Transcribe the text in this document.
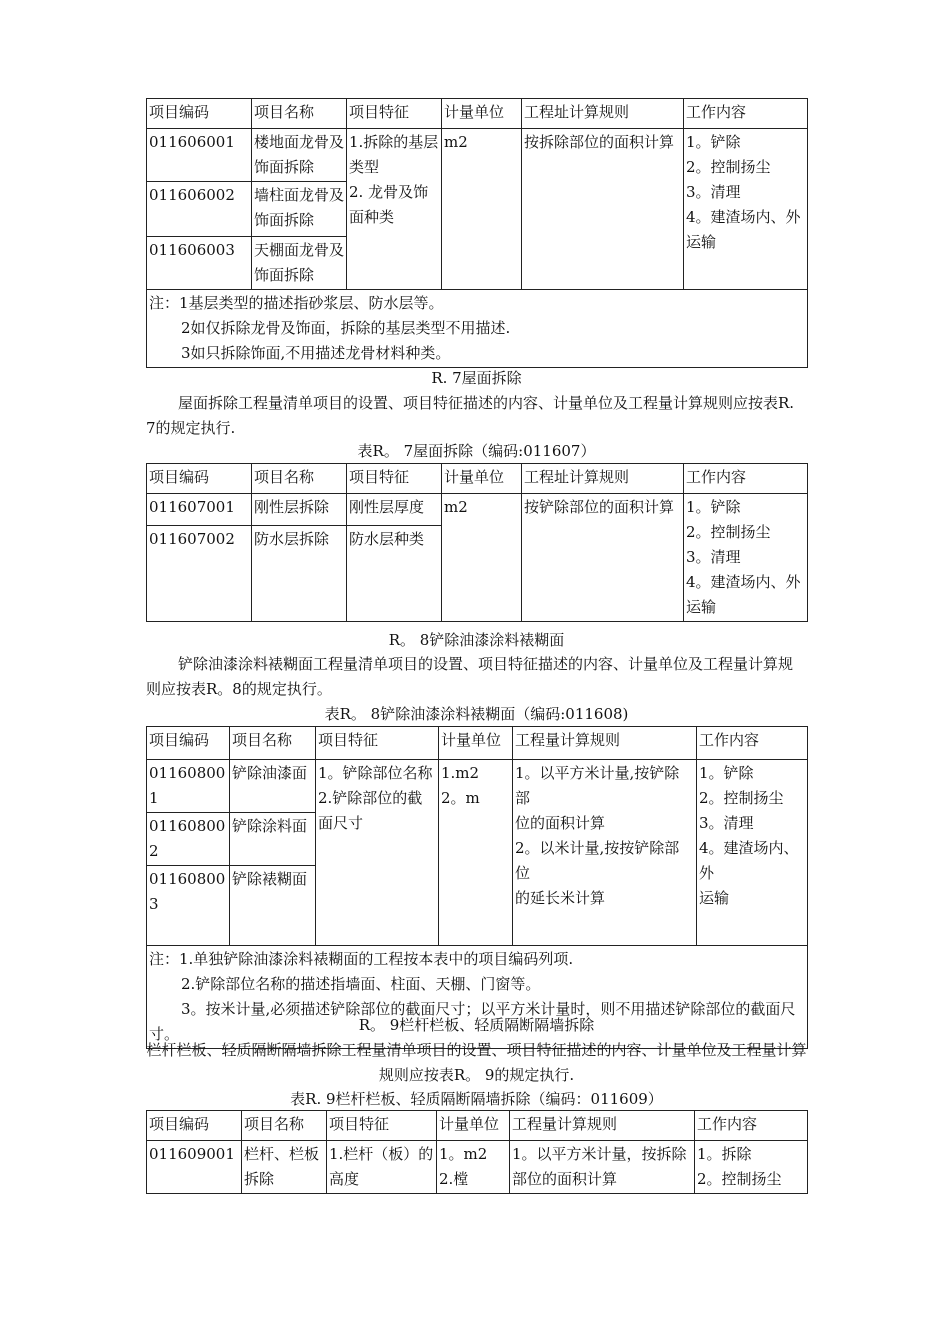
项目编码	项目名称	项目特征	计量单位	工程址计算规则	工作内容
011606001	楼地面龙骨及饰面拆除	1.拆除的基层类型
2. 龙骨及饰面种类	m2	按拆除部位的面积计算	1。铲除
2。控制扬尘
3。清理
4。建渣场内、外运输
011606002	墙柱面龙骨及饰面拆除				
011606003	天棚面龙骨及饰面拆除				

注：1基层类型的描述指砂浆层、防水层等。
2如仅拆除龙骨及饰面，拆除的基层类型不用描述.
3如只拆除饰面,不用描述龙骨材料种类。					
R. 7屋面拆除
屋面拆除工程量清单项目的设置、项目特征描述的内容、计量单位及工程量计算规则应按表R. 7的规定执行.
表R。 7屋面拆除（编码:011607）
项目编码	项目名称	项目特征	计量单位	工程址计算规则	工作内容
011607001	刚性层拆除	刚性层厚度	m2	按铲除部位的面积计算	1。铲除
2。控制扬尘
3。清理
4。建渣场内、外运输
011607002	防水层拆除	防水层种类			
R。 8铲除油漆涂料裱糊面
铲除油漆涂料裱糊面工程量清单项目的设置、项目特征描述的内容、计量单位及工程量计算规则应按表R。8的规定执行。
表R。 8铲除油漆涂料裱糊面（编码:011608)
项目编码	项目名称	项目特征	计量单位	工程量计算规则	工作内容
011608001	铲除油漆面	1。铲除部位名称
2.铲除部位的截面尺寸	1.m2
2。m	1。以平方米计量,按铲除部
位的面积计算
2。以米计量,按按铲除部位
的延长米计算	1。铲除
2。控制扬尘
3。清理
4。建渣场内、外
运输
011608002	铲除涂料面				
011608003	铲除裱糊面				

注：1.单独铲除油漆涂料裱糊面的工程按本表中的项目编码列项.
2.铲除部位名称的描述指墙面、柱面、天棚、门窗等。
3。按米计量,必须描述铲除部位的截面尺寸；以平方米计量时，则不用描述铲除部位的截面尺寸。						R。 9栏杆栏板、轻质隔断隔墙拆除
栏杆栏板、轻质隔断隔墙拆除工程量清单项目的设置、项目特征描述的内容、计量单位及工程量计算规则应按表R。 9的规定执行.
表R. 9栏杆栏板、轻质隔断隔墙拆除（编码：011609）
项目编码	项目名称	项目特征	计量单位	工程量计算规则	工作内容
011609001	栏杆、栏板拆除	1.栏杆（板）的高度	1。m2
2.樘	1。以平方米计量，按拆除部位的面积计算	1。拆除
2。控制扬尘
